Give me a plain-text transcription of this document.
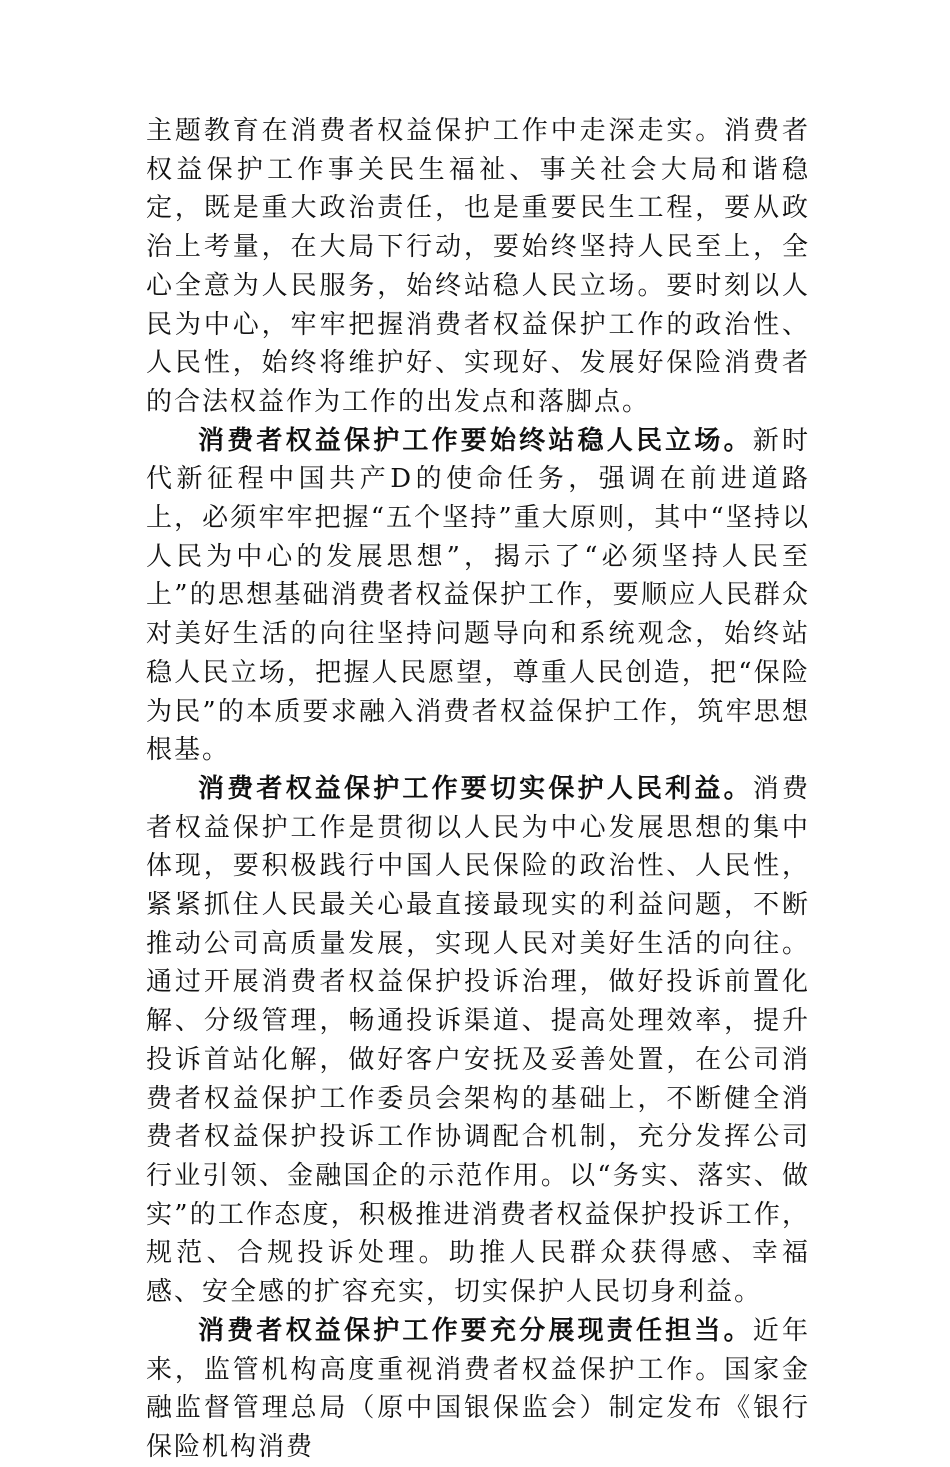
主题教育在消费者权益保护工作中走深走实。消费者权益保护工作事关民生福祉、事关社会大局和谐稳定，既是重大政治责任，也是重要民生工程，要从政治上考量，在大局下行动，要始终坚持人民至上，全心全意为人民服务，始终站稳人民立场。要时刻以人民为中心，牢牢把握消费者权益保护工作的政治性、人民性，始终将维护好、实现好、发展好保险消费者的合法权益作为工作的出发点和落脚点。

消费者权益保护工作要始终站稳人民立场。新时代新征程中国共产D的使命任务，强调在前进道路上，必须牢牢把握“五个坚持”重大原则，其中“坚持以人民为中心的发展思想”，揭示了“必须坚持人民至上”的思想基础消费者权益保护工作，要顺应人民群众对美好生活的向往坚持问题导向和系统观念，始终站稳人民立场，把握人民愿望，尊重人民创造，把“保险为民”的本质要求融入消费者权益保护工作，筑牢思想根基。

消费者权益保护工作要切实保护人民利益。消费者权益保护工作是贯彻以人民为中心发展思想的集中体现，要积极践行中国人民保险的政治性、人民性，紧紧抓住人民最关心最直接最现实的利益问题，不断推动公司高质量发展，实现人民对美好生活的向往。通过开展消费者权益保护投诉治理，做好投诉前置化解、分级管理，畅通投诉渠道、提高处理效率，提升投诉首站化解，做好客户安抚及妥善处置，在公司消费者权益保护工作委员会架构的基础上，不断健全消费者权益保护投诉工作协调配合机制，充分发挥公司行业引领、金融国企的示范作用。以“务实、落实、做实”的工作态度，积极推进消费者权益保护投诉工作，规范、合规投诉处理。助推人民群众获得感、幸福感、安全感的扩容充实，切实保护人民切身利益。

消费者权益保护工作要充分展现责任担当。近年来，监管机构高度重视消费者权益保护工作。国家金融监督管理总局（原中国银保监会）制定发布《银行保险机构消费
